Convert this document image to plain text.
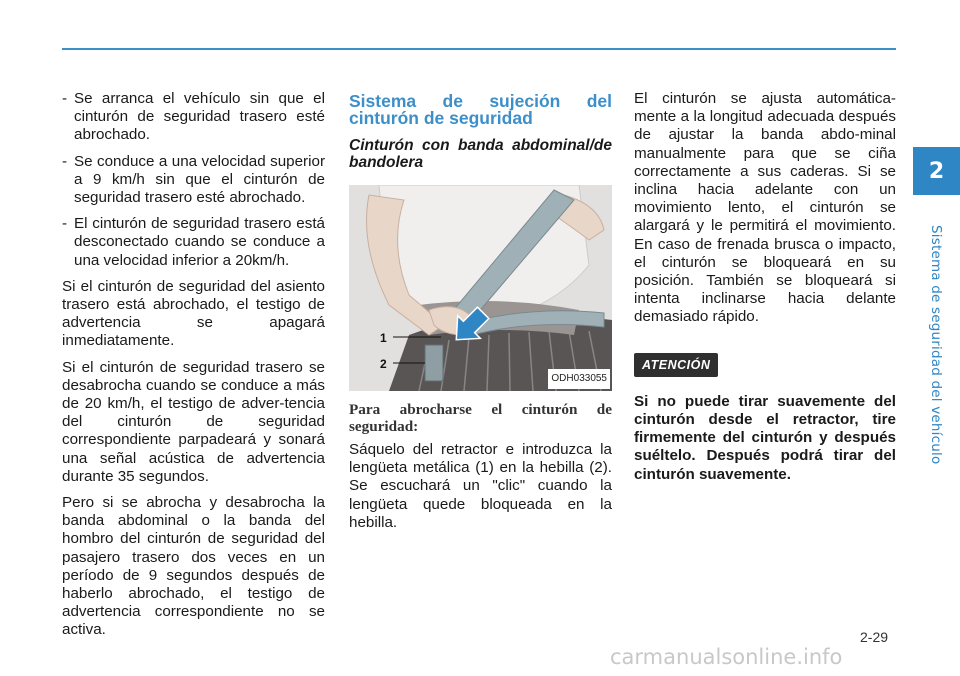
2
Sistema de seguridad del vehículo
- Se arranca el vehículo sin que el cinturón de seguridad trasero esté abrochado.
- Se conduce a una velocidad superior a 9 km/h sin que el cinturón de seguridad trasero esté abrochado.
- El cinturón de seguridad trasero está desconectado cuando se conduce a una velocidad inferior a 20km/h.

Si el cinturón de seguridad del asiento trasero está abrochado, el testigo de advertencia se apagará inmediatamente.

Si el cinturón de seguridad trasero se desabrocha cuando se conduce a más de 20 km/h, el testigo de adver-tencia del cinturón de seguridad correspondiente parpadeará y sonará una señal acústica de advertencia durante 35 segundos.

Pero si se abrocha y desabrocha la banda abdominal o la banda del hombro del cinturón de seguridad del pasajero trasero dos veces en un período de 9 segundos después de haberlo abrochado, el testigo de advertencia correspondiente no se activa.

Sistema de sujeción del cinturón de seguridad
Cinturón con banda abdominal/de bandolera
1
2
ODH033055
Para abrocharse el cinturón de seguridad:

Sáquelo del retractor e introduzca la lengüeta metálica (1) en la hebilla (2). Se escuchará un "clic" cuando la lengüeta quede bloqueada en la hebilla.

El cinturón se ajusta automática-mente a la longitud adecuada después de ajustar la banda abdo-minal manualmente para que se ciña correctamente a sus caderas. Si se inclina hacia adelante con un movimiento lento, el cinturón se alargará y le permitirá el movimiento. En caso de frenada brusca o impacto, el cinturón se bloqueará en su posición. También se bloqueará si intenta inclinarse hacia delante demasiado rápido.

ATENCIÓN

Si no puede tirar suavemente del cinturón desde el retractor, tire firmemente del cinturón y después suéltelo. Después podrá tirar del cinturón suavemente.

2-29
carmanualsonline.info
